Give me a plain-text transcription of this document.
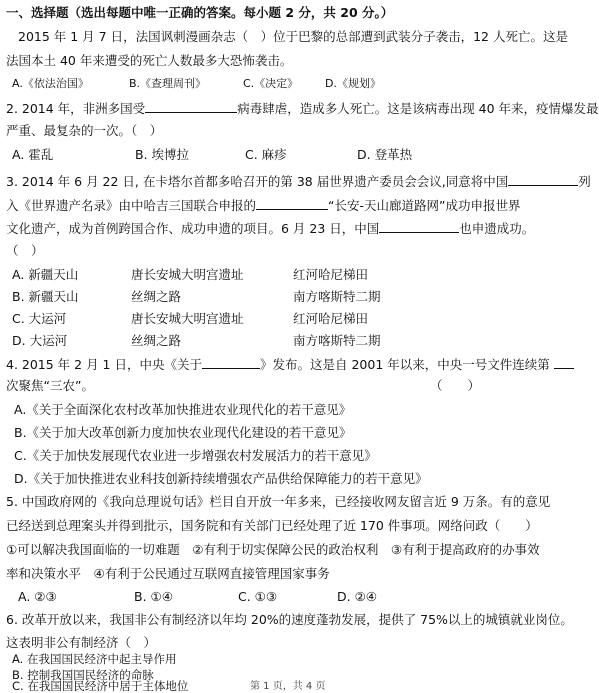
一、选择题（选出每题中唯一正确的答案。每小题 2 分，共 20 分。）
2015 年 1 月 7 日，法国讽刺漫画杂志（　）位于巴黎的总部遭到武装分子袭击，12 人死亡。这是
法国本土 40 年来遭受的死亡人数最多大恐怖袭击。
A.《依法治国》	B.《查理周刊》	C.《决定》 D.《规划》
2. 2014 年，非洲多国受	病毒肆虐，造成多人死亡。这是该病毒出现 40 年来，疫情爆发最
严重、最复杂的一次。（　）
A. 霍乱	B. 埃博拉	C. 麻疹	D. 登革热
3. 2014 年 6 月 22 日, 在卡塔尔首都多哈召开的第 38 届世界遗产委员会会议,同意将中国	列
入《世界遗产名录》由中哈吉三国联合申报的	“长安-天山廊道路网”成功申报世界
文化遗产，成为首例跨国合作、成功申遗的项目。6 月 23 日，中国	也申遗成功。
（　）
A. 新疆天山	唐长安城大明宫遗址	红河哈尼梯田
B. 新疆天山	丝绸之路	南方喀斯特二期
C. 大运河	唐长安城大明宫遗址	红河哈尼梯田
D. 大运河	丝绸之路	南方喀斯特二期
4. 2015 年 2 月 1 日，中央《关于	》发布。这是自 2001 年以来，中央一号文件连续第
次聚焦“三农”。	（　　）
A.《关于全面深化农村改革加快推进农业现代化的若干意见》
B.《关于加大改革创新力度加快农业现代化建设的若干意见》
C.《关于加快发展现代农业进一步增强农村发展活力的若干意见》
D.《关于加快推进农业科技创新持续增强农产品供给保障能力的若干意见》
5. 中国政府网的《我向总理说句话》栏目自开放一年多来，已经接收网友留言近 9 万条。有的意见
已经送到总理案头并得到批示，国务院和有关部门已经处理了近 170 件事项。网络问政（　　）
①可以解决我国面临的一切难题　②有利于切实保障公民的政治权利　③有利于提高政府的办事效
率和决策水平　④有利于公民通过互联网直接管理国家事务
A. ②③	B. ①④	C. ①③	D. ②④
6. 改革开放以来，我国非公有制经济以年均 20%的速度蓬勃发展，提供了 75%以上的城镇就业岗位。
这表明非公有制经济（　）
A. 在我国国民经济中起主导作用
B. 控制我国国民经济的命脉
C. 在我国国民经济中居于主体地位	第 1 页，共 4 页
